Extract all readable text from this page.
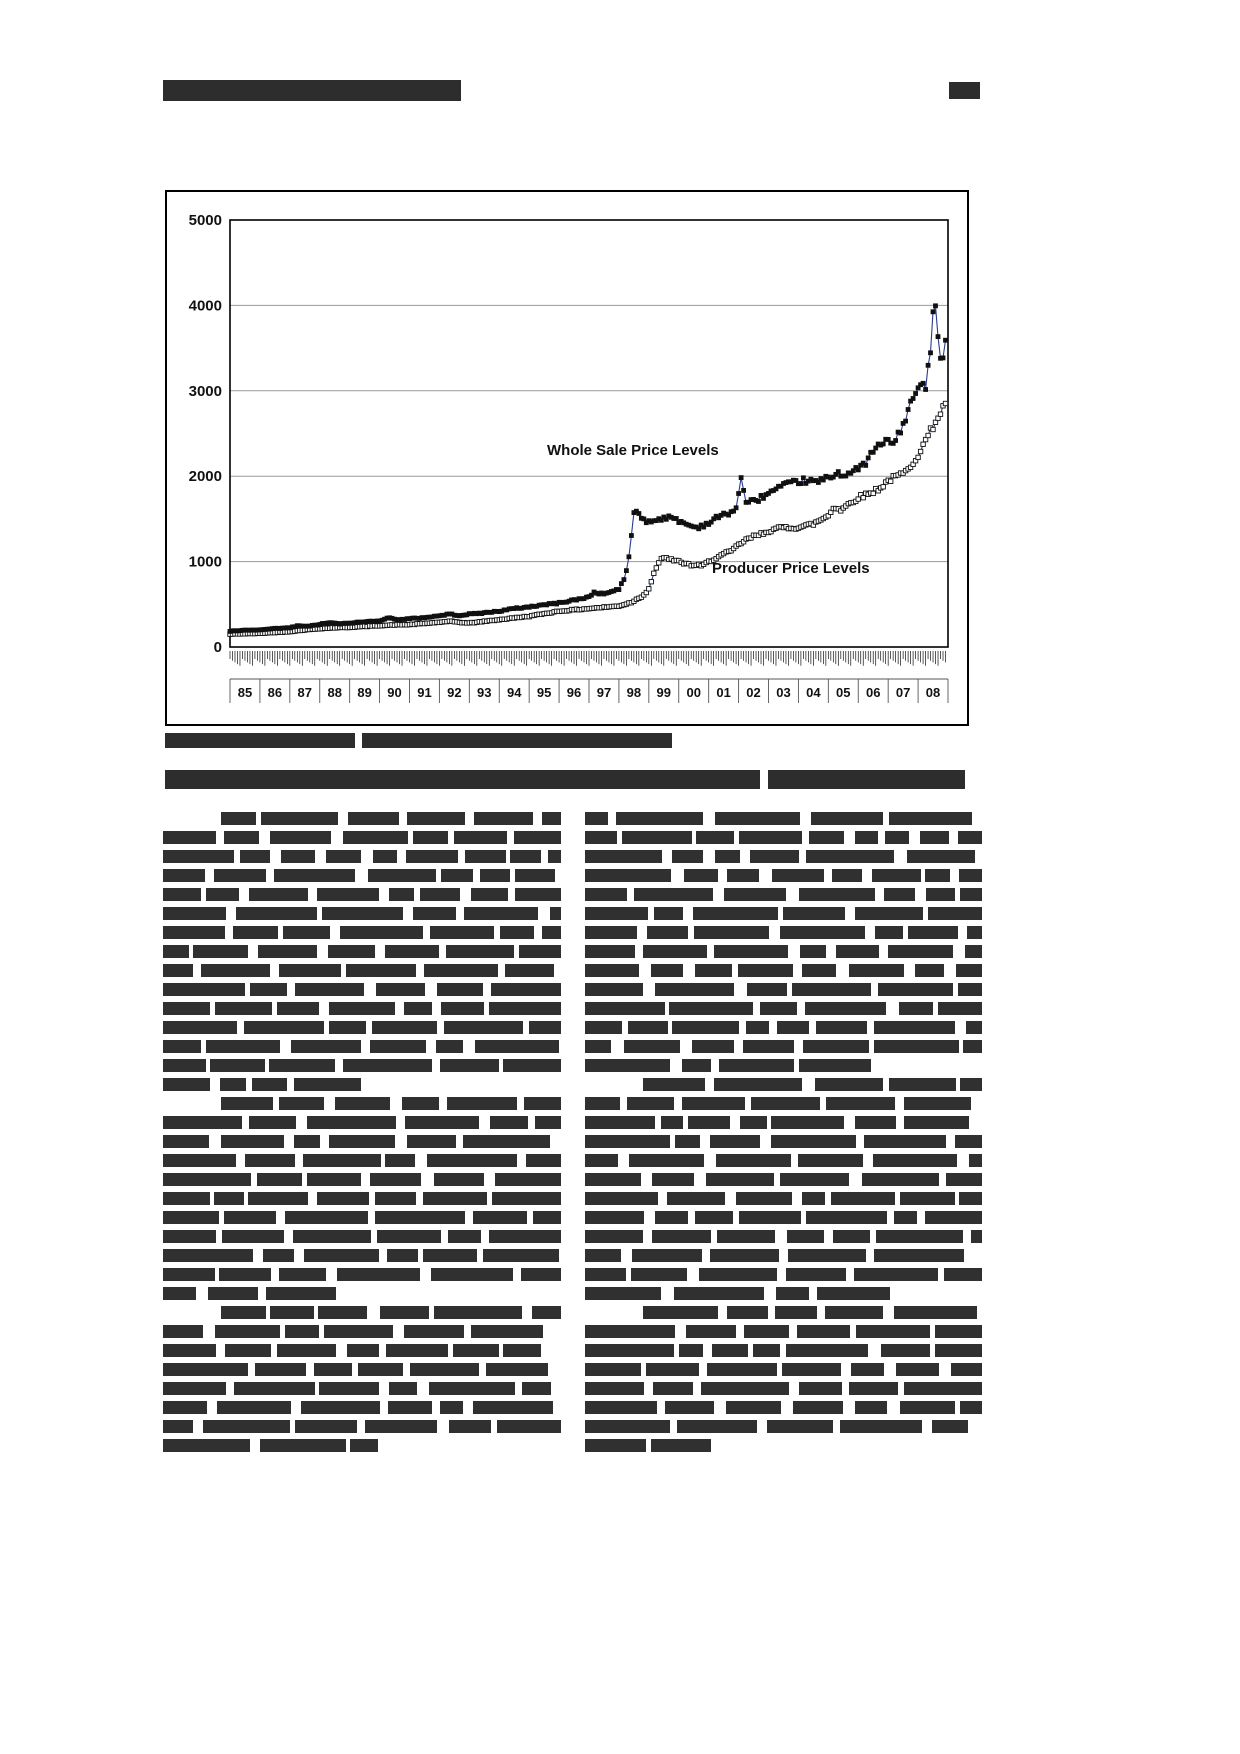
0
1000
2000
3000
4000
5000
85 86 87 88 89 90 91 92 93 94 95 96 97 98 99 00 01 02 03 04 05 06 07 08
Whole Sale Price Levels
Producer Price Levels
